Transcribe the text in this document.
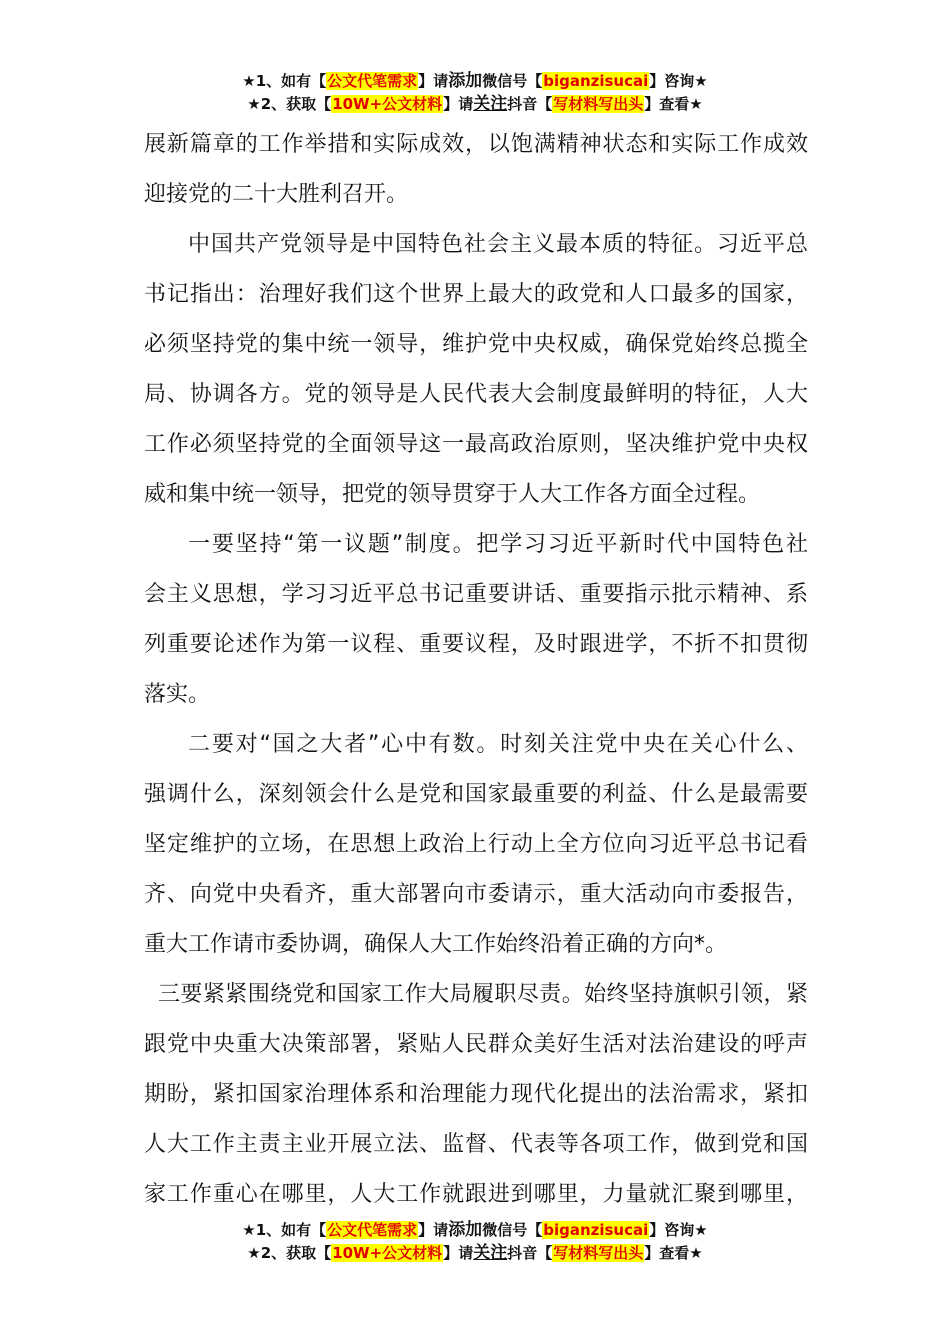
★1、如有【公文代笔需求】请添加微信号【biganzisucai】咨询★
★2、获取【10W+公文材料】请关注抖音【写材料写出头】查看★
展新篇章的工作举措和实际成效，以饱满精神状态和实际工作成效
迎接党的二十大胜利召开。
中国共产党领导是中国特色社会主义最本质的特征。习近平总
书记指出：治理好我们这个世界上最大的政党和人口最多的国家，
必须坚持党的集中统一领导，维护党中央权威，确保党始终总揽全
局、协调各方。党的领导是人民代表大会制度最鲜明的特征，人大
工作必须坚持党的全面领导这一最高政治原则，坚决维护党中央权
威和集中统一领导，把党的领导贯穿于人大工作各方面全过程。
一要坚持“第一议题”制度。把学习习近平新时代中国特色社
会主义思想，学习习近平总书记重要讲话、重要指示批示精神、系
列重要论述作为第一议程、重要议程，及时跟进学，不折不扣贯彻
落实。
二要对“国之大者”心中有数。时刻关注党中央在关心什么、
强调什么，深刻领会什么是党和国家最重要的利益、什么是最需要
坚定维护的立场，在思想上政治上行动上全方位向习近平总书记看
齐、向党中央看齐，重大部署向市委请示，重大活动向市委报告，
重大工作请市委协调，确保人大工作始终沿着正确的方向*。
三要紧紧围绕党和国家工作大局履职尽责。始终坚持旗帜引领，紧
跟党中央重大决策部署，紧贴人民群众美好生活对法治建设的呼声
期盼，紧扣国家治理体系和治理能力现代化提出的法治需求，紧扣
人大工作主责主业开展立法、监督、代表等各项工作，做到党和国
家工作重心在哪里，人大工作就跟进到哪里，力量就汇聚到哪里，
★1、如有【公文代笔需求】请添加微信号【biganzisucai】咨询★
★2、获取【10W+公文材料】请关注抖音【写材料写出头】查看★
